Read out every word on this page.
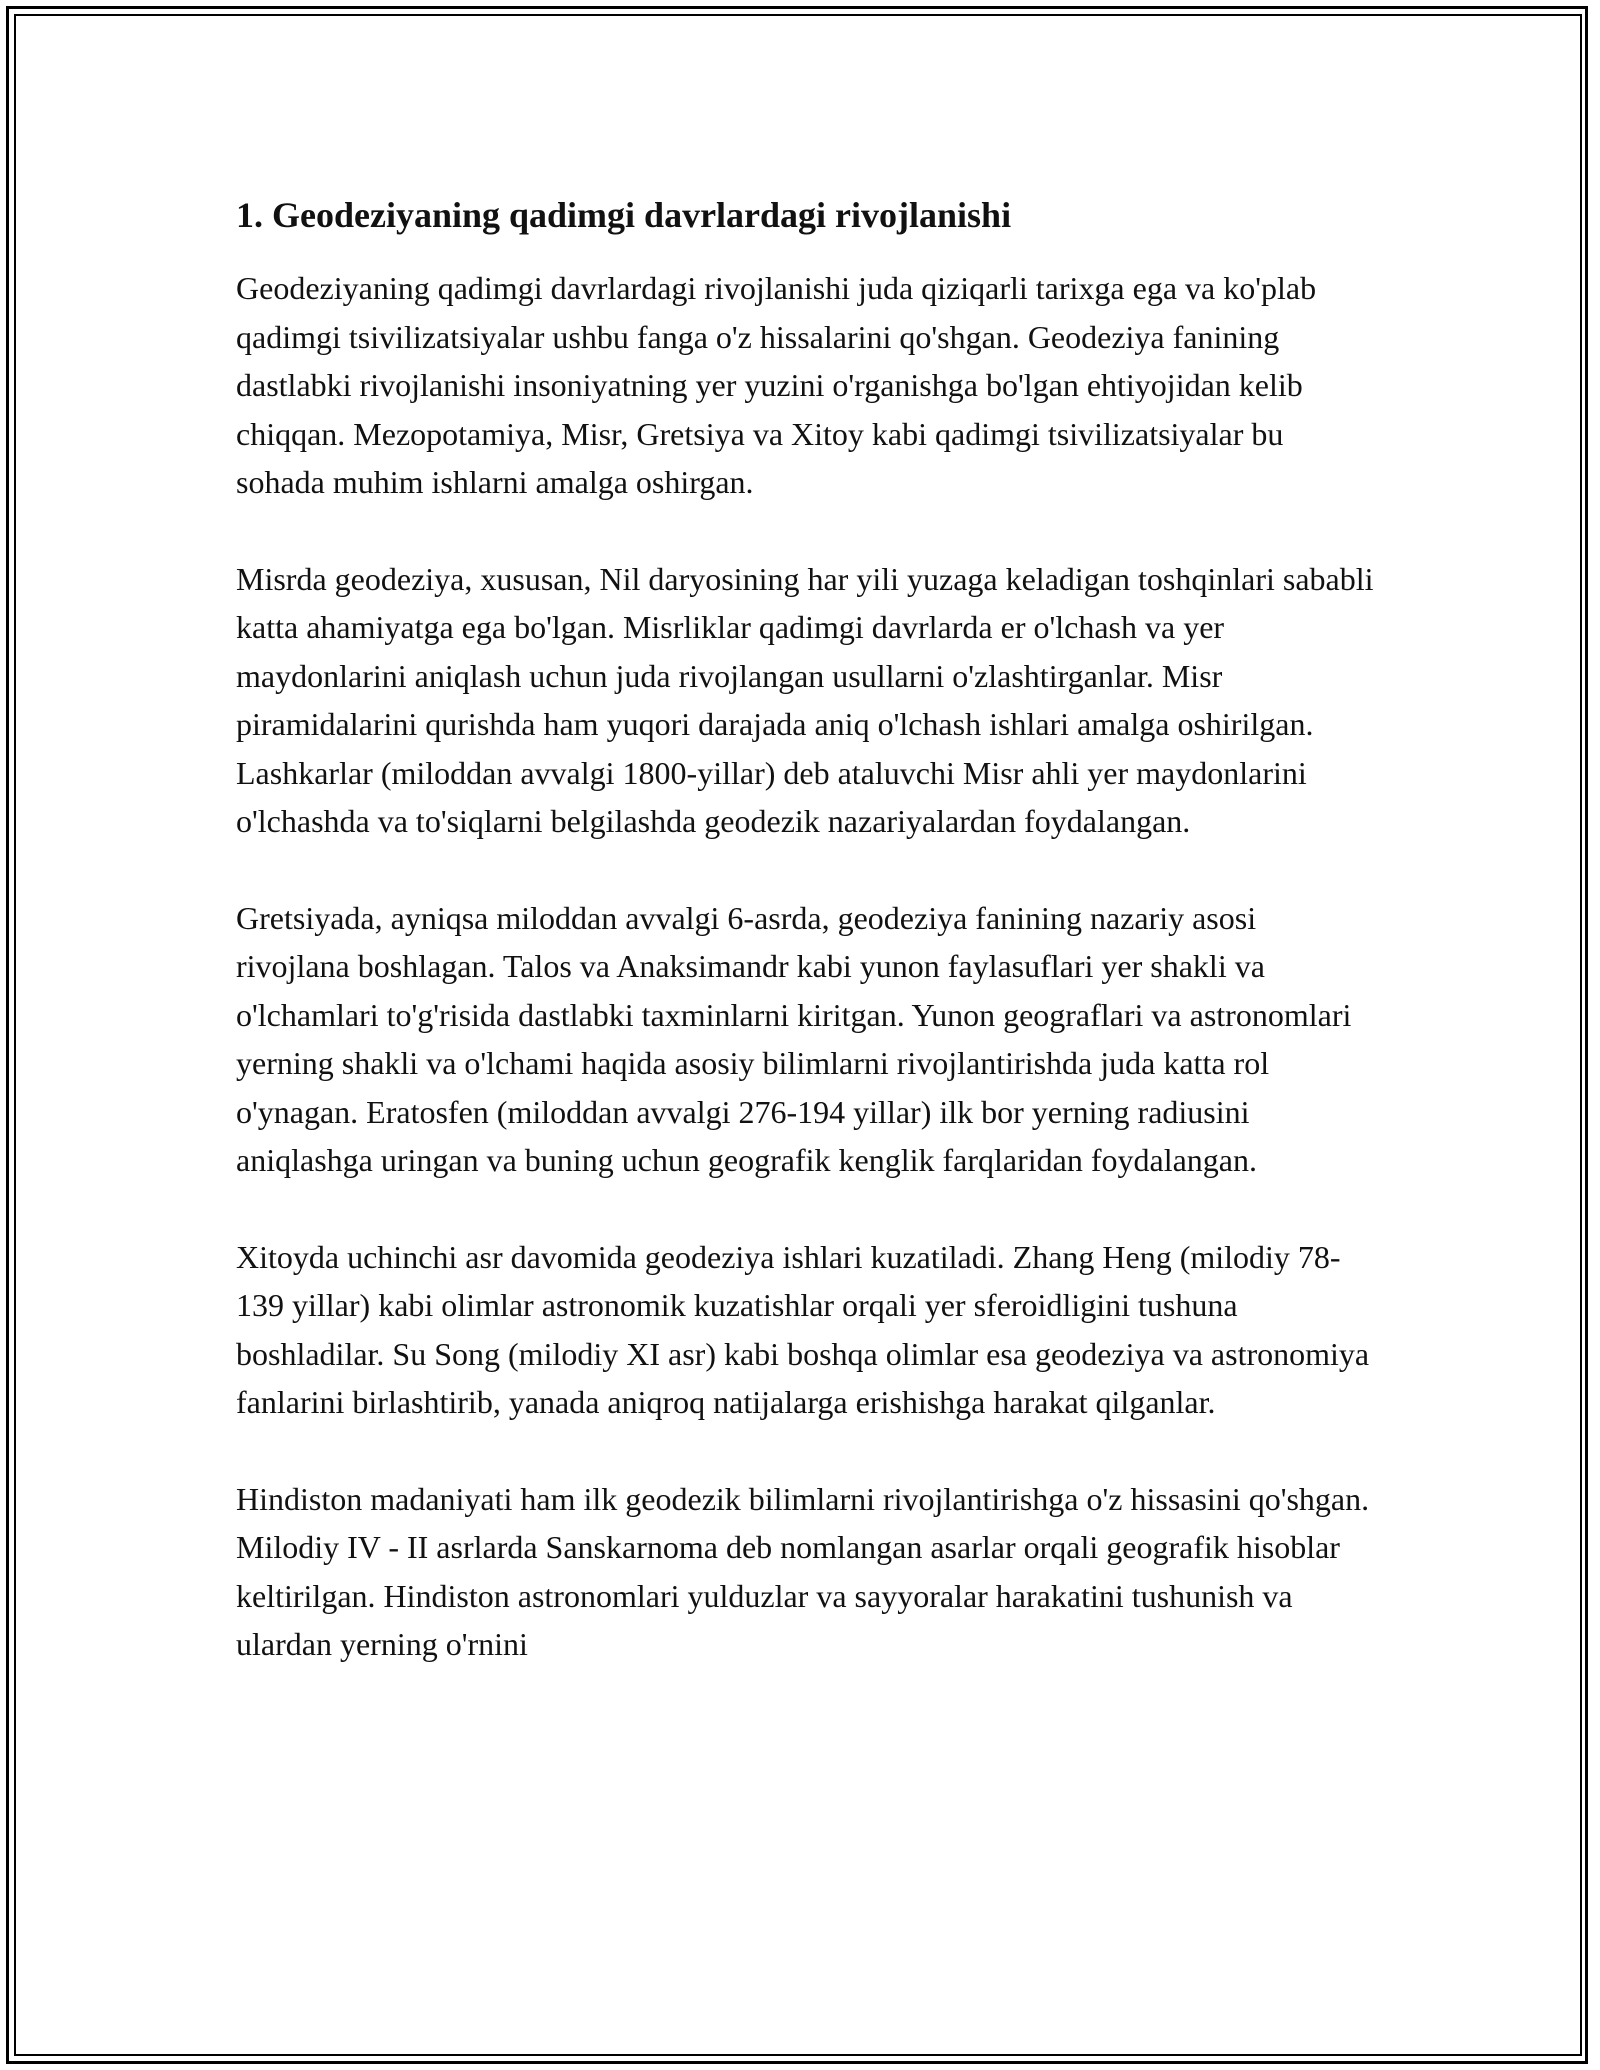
1. Geodeziyaning qadimgi davrlardagi rivojlanishi

Geodeziyaning qadimgi davrlardagi rivojlanishi juda qiziqarli tarixga ega va ko'plab qadimgi tsivilizatsiyalar ushbu fanga o'z hissalarini qo'shgan. Geodeziya fanining dastlabki rivojlanishi insoniyatning yer yuzini o'rganishga bo'lgan ehtiyojidan kelib chiqqan. Mezopotamiya, Misr, Gretsiya va Xitoy kabi qadimgi tsivilizatsiyalar bu sohada muhim ishlarni amalga oshirgan.

Misrda geodeziya, xususan, Nil daryosining har yili yuzaga keladigan toshqinlari sababli katta ahamiyatga ega bo'lgan. Misrliklar qadimgi davrlarda er o'lchash va yer maydonlarini aniqlash uchun juda rivojlangan usullarni o'zlashtirganlar. Misr piramidalarini qurishda ham yuqori darajada aniq o'lchash ishlari amalga oshirilgan. Lashkarlar (miloddan avvalgi 1800-yillar) deb ataluvchi Misr ahli yer maydonlarini o'lchashda va to'siqlarni belgilashda geodezik nazariyalardan foydalangan.

Gretsiyada, ayniqsa miloddan avvalgi 6-asrda, geodeziya fanining nazariy asosi rivojlana boshlagan. Talos va Anaksimandr kabi yunon faylasuflari yer shakli va o'lchamlari to'g'risida dastlabki taxminlarni kiritgan. Yunon geograflari va astronomlari yerning shakli va o'lchami haqida asosiy bilimlarni rivojlantirishda juda katta rol o'ynagan. Eratosfen (miloddan avvalgi 276-194 yillar) ilk bor yerning radiusini aniqlashga uringan va buning uchun geografik kenglik farqlaridan foydalangan.

Xitoyda uchinchi asr davomida geodeziya ishlari kuzatiladi. Zhang Heng (milodiy 78-139 yillar) kabi olimlar astronomik kuzatishlar orqali yer sferoidligini tushuna boshladilar. Su Song (milodiy XI asr) kabi boshqa olimlar esa geodeziya va astronomiya fanlarini birlashtirib, yanada aniqroq natijalarga erishishga harakat qilganlar.

Hindiston madaniyati ham ilk geodezik bilimlarni rivojlantirishga o'z hissasini qo'shgan. Milodiy IV - II asrlarda Sanskarnoma deb nomlangan asarlar orqali geografik hisoblar keltirilgan. Hindiston astronomlari yulduzlar va sayyoralar harakatini tushunish va ulardan yerning o'rnini
